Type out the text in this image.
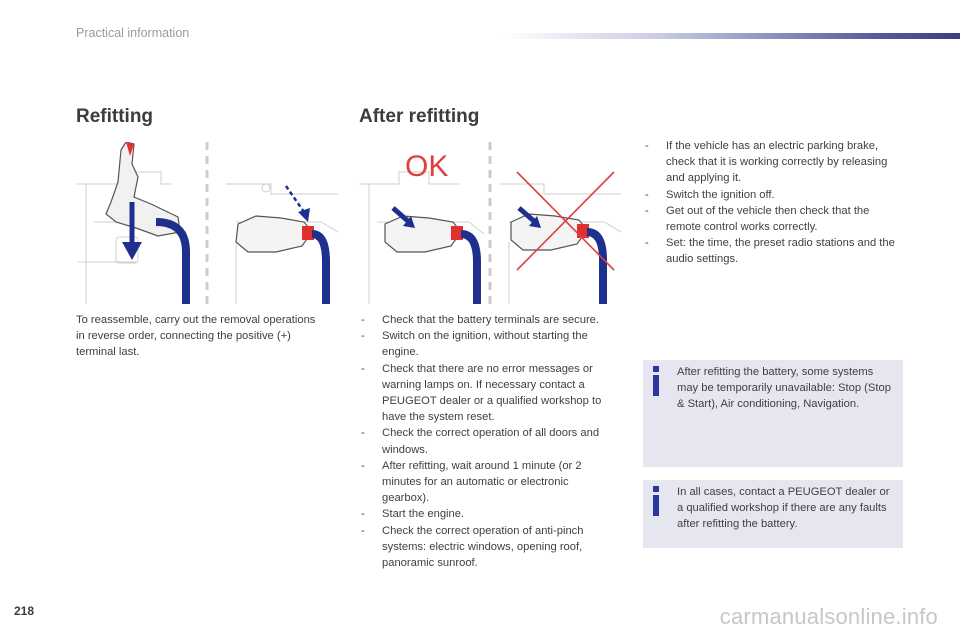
Practical information
Refitting	After refitting
OK

To reassemble, carry out the removal operations in reverse order, connecting the positive (+) terminal last.

- Check that the battery terminals are secure.
- Switch on the ignition, without starting the engine.
- Check that there are no error messages or warning lamps on. If necessary contact a PEUGEOT dealer or a qualified workshop to have the system reset.
- Check the correct operation of all doors and windows.
- After refitting, wait around 1 minute (or 2 minutes for an automatic or electronic gearbox).
- Start the engine.
- Check the correct operation of anti-pinch systems: electric windows, opening roof, panoramic sunroof.
- If the vehicle has an electric parking brake, check that it is working correctly by releasing and applying it.
- Switch the ignition off.
- Get out of the vehicle then check that the remote control works correctly.
- Set: the time, the preset radio stations and the audio settings.

After refitting the battery, some systems may be temporarily unavailable: Stop (Stop & Start), Air conditioning, Navigation.

In all cases, contact a PEUGEOT dealer or a qualified workshop if there are any faults after refitting the battery.

218	carmanualsonline.info
